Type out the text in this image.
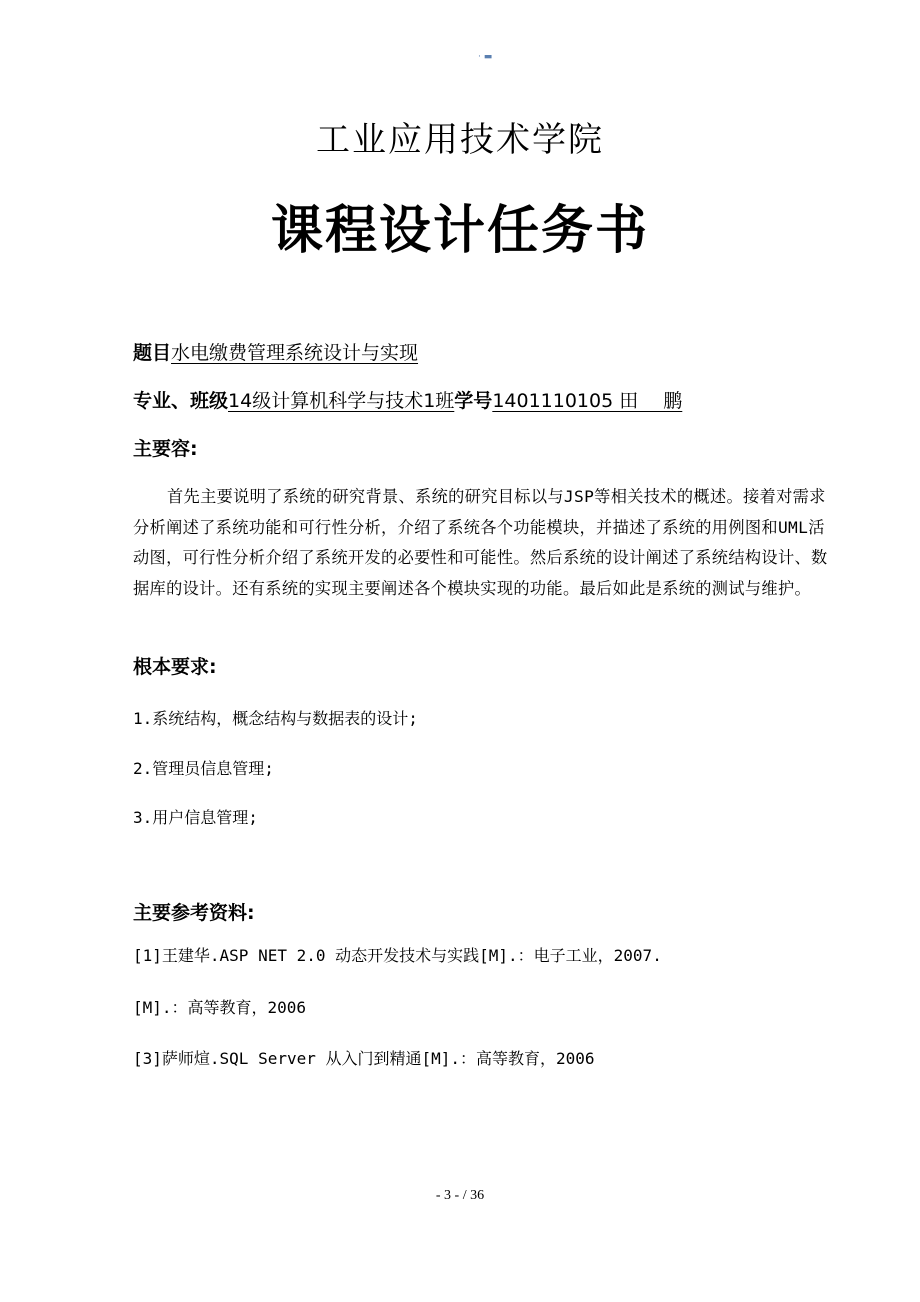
· ▬
工业应用技术学院
课程设计任务书
题目水电缴费管理系统设计与实现
专业、班级14级计算机科学与技术1班学号1401110105 田　 鹏
主要容:
首先主要说明了系统的研究背景、系统的研究目标以与JSP等相关技术的概述。接着对需求分析阐述了系统功能和可行性分析，介绍了系统各个功能模块，并描述了系统的用例图和UML活动图，可行性分析介绍了系统开发的必要性和可能性。然后系统的设计阐述了系统结构设计、数据库的设计。还有系统的实现主要阐述各个模块实现的功能。最后如此是系统的测试与维护。
根本要求:
1.系统结构，概念结构与数据表的设计;
2.管理员信息管理;
3.用户信息管理;
主要参考资料:
[1]王建华.ASP NET 2.0 动态开发技术与实践[M].：电子工业，2007.
[M].：高等教育，2006
[3]萨师煊.SQL Server 从入门到精通[M].：高等教育，2006
- 3 - / 36
